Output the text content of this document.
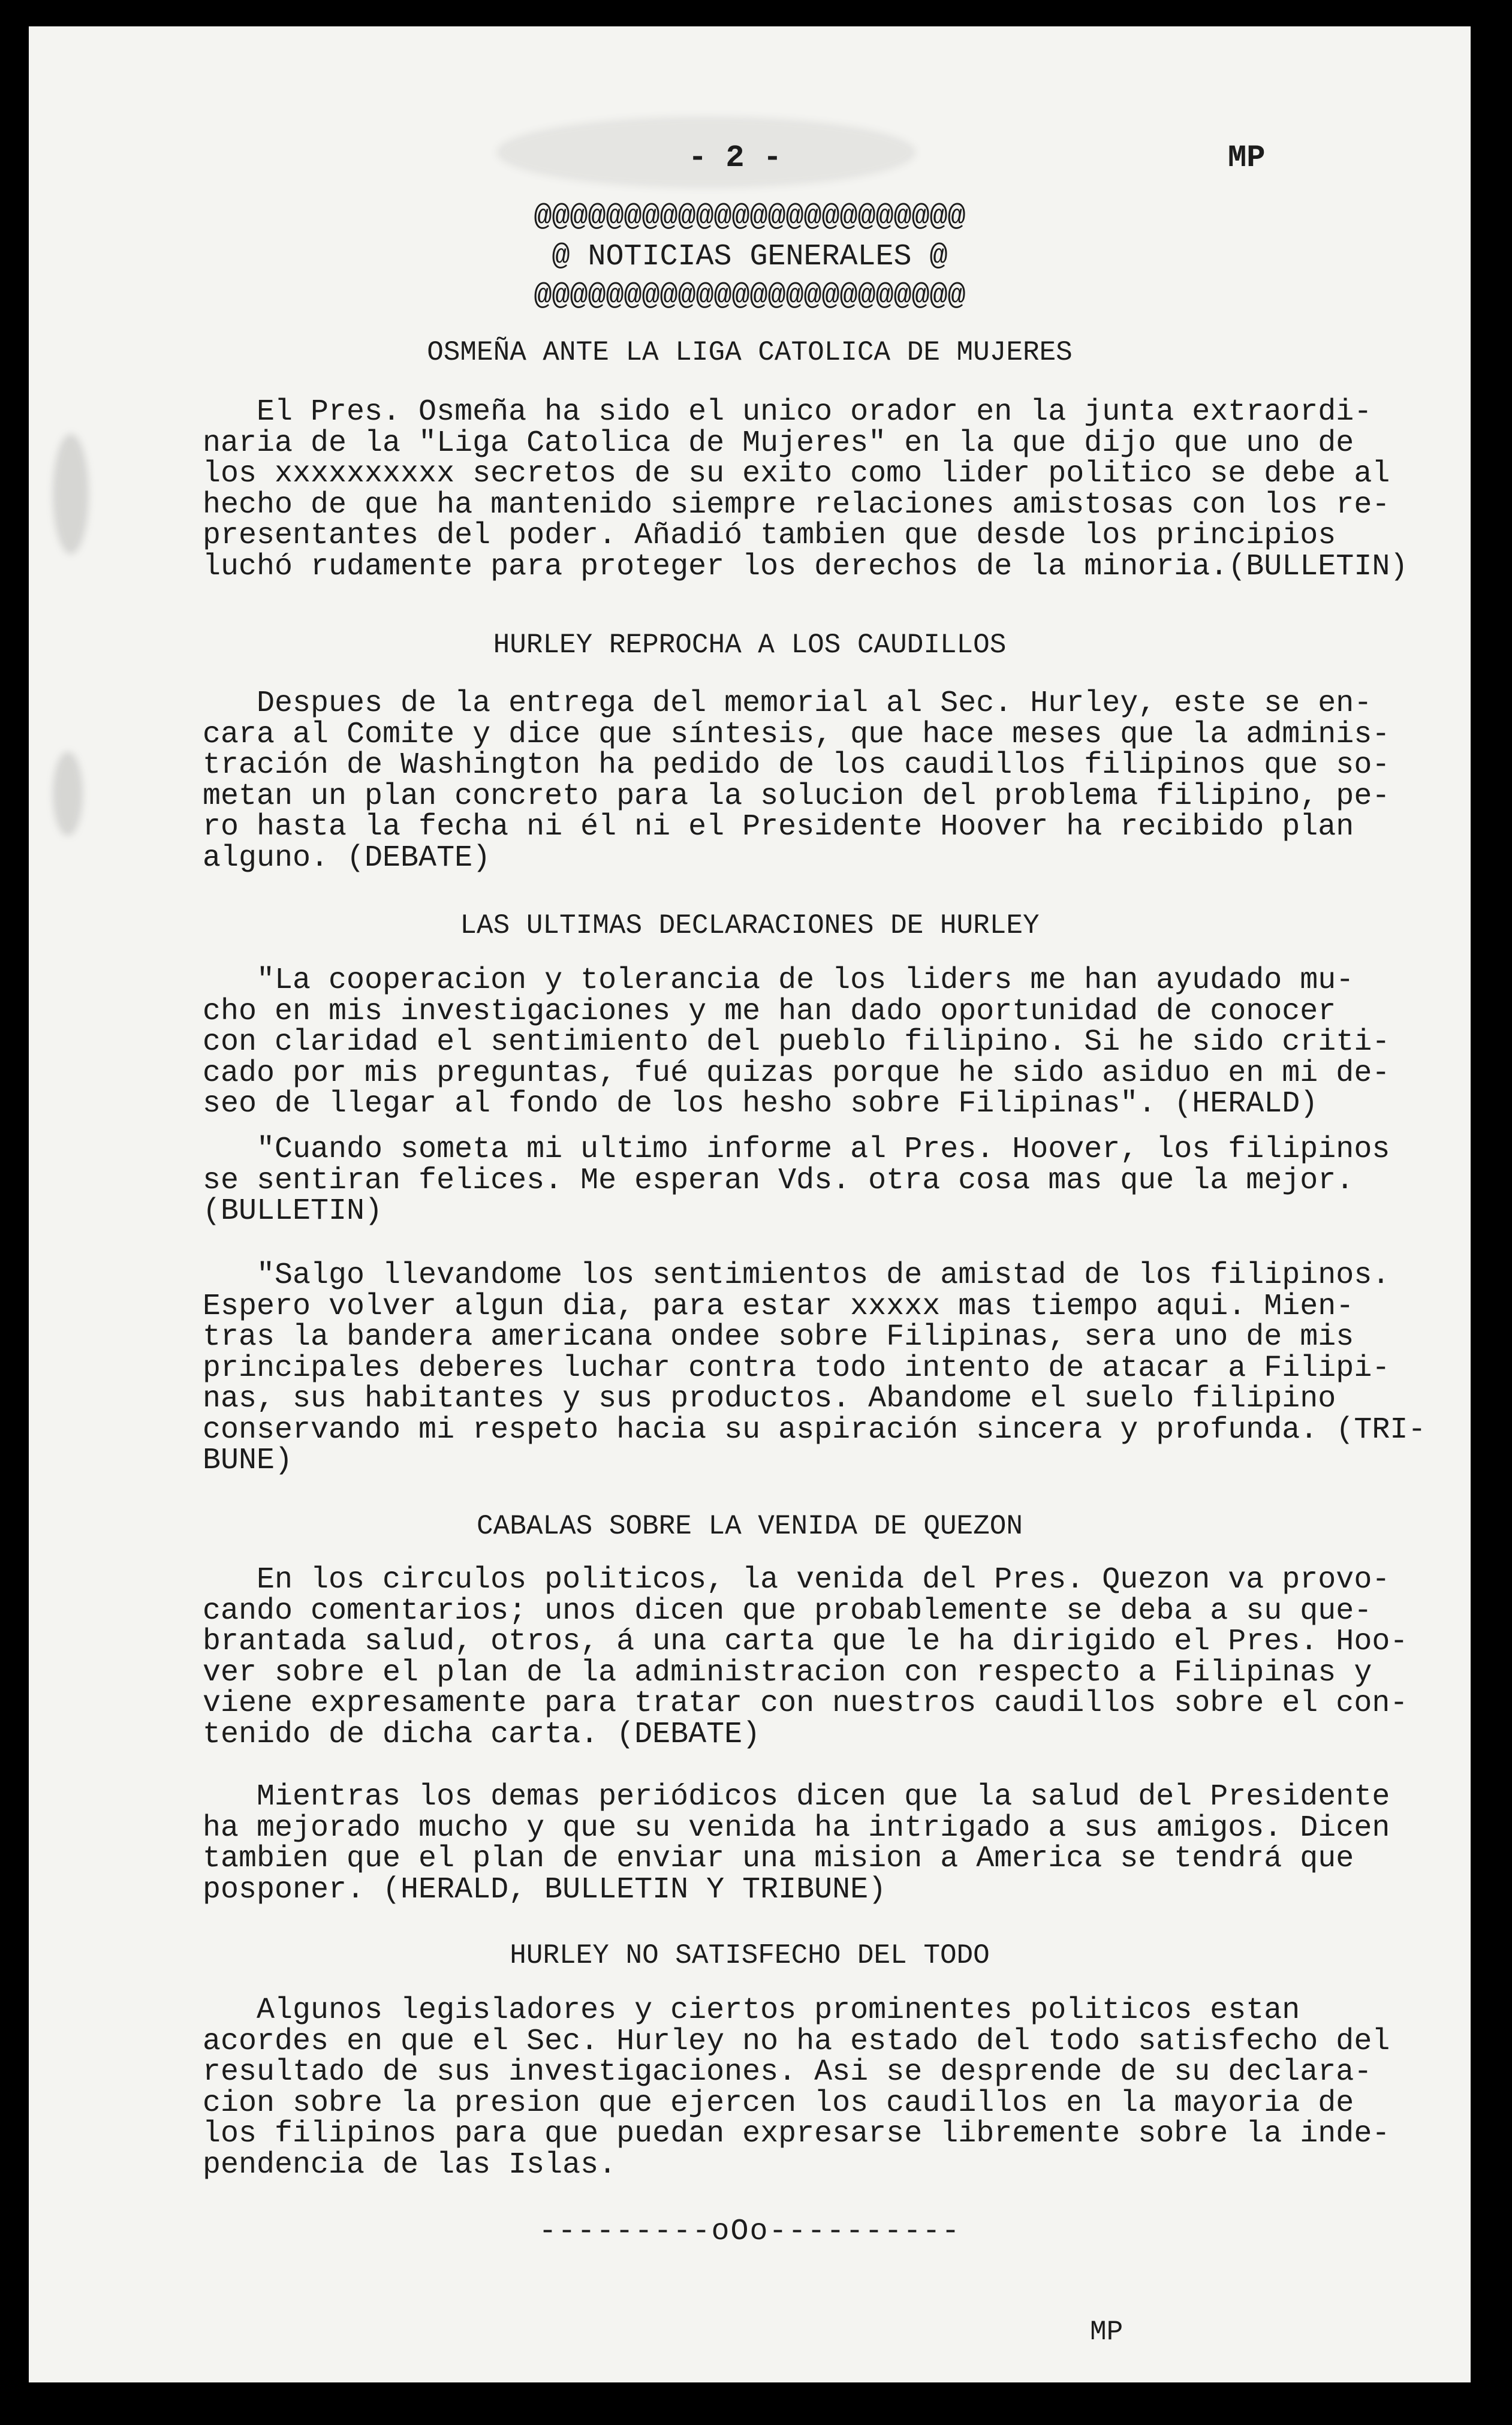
- 2 -	MP
@@@@@@@@@@@@@@@@@@@@@@@@
@ NOTICIAS GENERALES @
@@@@@@@@@@@@@@@@@@@@@@@@
OSMEÑA ANTE LA LIGA CATOLICA DE MUJERES
El Pres. Osmeña ha sido el unico orador en la junta extraordi-
naria de la "Liga Catolica de Mujeres" en la que dijo que uno de
los xxxxxxxxxx secretos de su exito como lider politico se debe al
hecho de que ha mantenido siempre relaciones amistosas con los re-
presentantes del poder. Añadió tambien que desde los principios
luchó rudamente para proteger los derechos de la minoria.(BULLETIN)
HURLEY REPROCHA A LOS CAUDILLOS
Despues de la entrega del memorial al Sec. Hurley, este se en-
cara al Comite y dice que síntesis, que hace meses que la adminis-
tración de Washington ha pedido de los caudillos filipinos que so-
metan un plan concreto para la solucion del problema filipino, pe-
ro hasta la fecha ni él ni el Presidente Hoover ha recibido plan
alguno. (DEBATE)
LAS ULTIMAS DECLARACIONES DE HURLEY
"La cooperacion y tolerancia de los liders me han ayudado mu-
cho en mis investigaciones y me han dado oportunidad de conocer
con claridad el sentimiento del pueblo filipino. Si he sido criti-
cado por mis preguntas, fué quizas porque he sido asiduo en mi de-
seo de llegar al fondo de los hesho sobre Filipinas". (HERALD)
"Cuando someta mi ultimo informe al Pres. Hoover, los filipinos
se sentiran felices. Me esperan Vds. otra cosa mas que la mejor.
(BULLETIN)
"Salgo llevandome los sentimientos de amistad de los filipinos.
Espero volver algun dia, para estar xxxxx mas tiempo aqui. Mien-
tras la bandera americana ondee sobre Filipinas, sera uno de mis
principales deberes luchar contra todo intento de atacar a Filipi-
nas, sus habitantes y sus productos. Abandome el suelo filipino
conservando mi respeto hacia su aspiración sincera y profunda. (TRI-
BUNE)
CABALAS SOBRE LA VENIDA DE QUEZON
En los circulos politicos, la venida del Pres. Quezon va provo-
cando comentarios; unos dicen que probablemente se deba a su que-
brantada salud, otros, á una carta que le ha dirigido el Pres. Hoo-
ver sobre el plan de la administracion con respecto a Filipinas y
viene expresamente para tratar con nuestros caudillos sobre el con-
tenido de dicha carta. (DEBATE)
Mientras los demas periódicos dicen que la salud del Presidente
ha mejorado mucho y que su venida ha intrigado a sus amigos. Dicen
tambien que el plan de enviar una mision a America se tendrá que
posponer. (HERALD, BULLETIN Y TRIBUNE)
HURLEY NO SATISFECHO DEL TODO
Algunos legisladores y ciertos prominentes politicos estan
acordes en que el Sec. Hurley no ha estado del todo satisfecho del
resultado de sus investigaciones. Asi se desprende de su declara-
cion sobre la presion que ejercen los caudillos en la mayoria de
los filipinos para que puedan expresarse libremente sobre la inde-
pendencia de las Islas.
---------oOo----------
MP
